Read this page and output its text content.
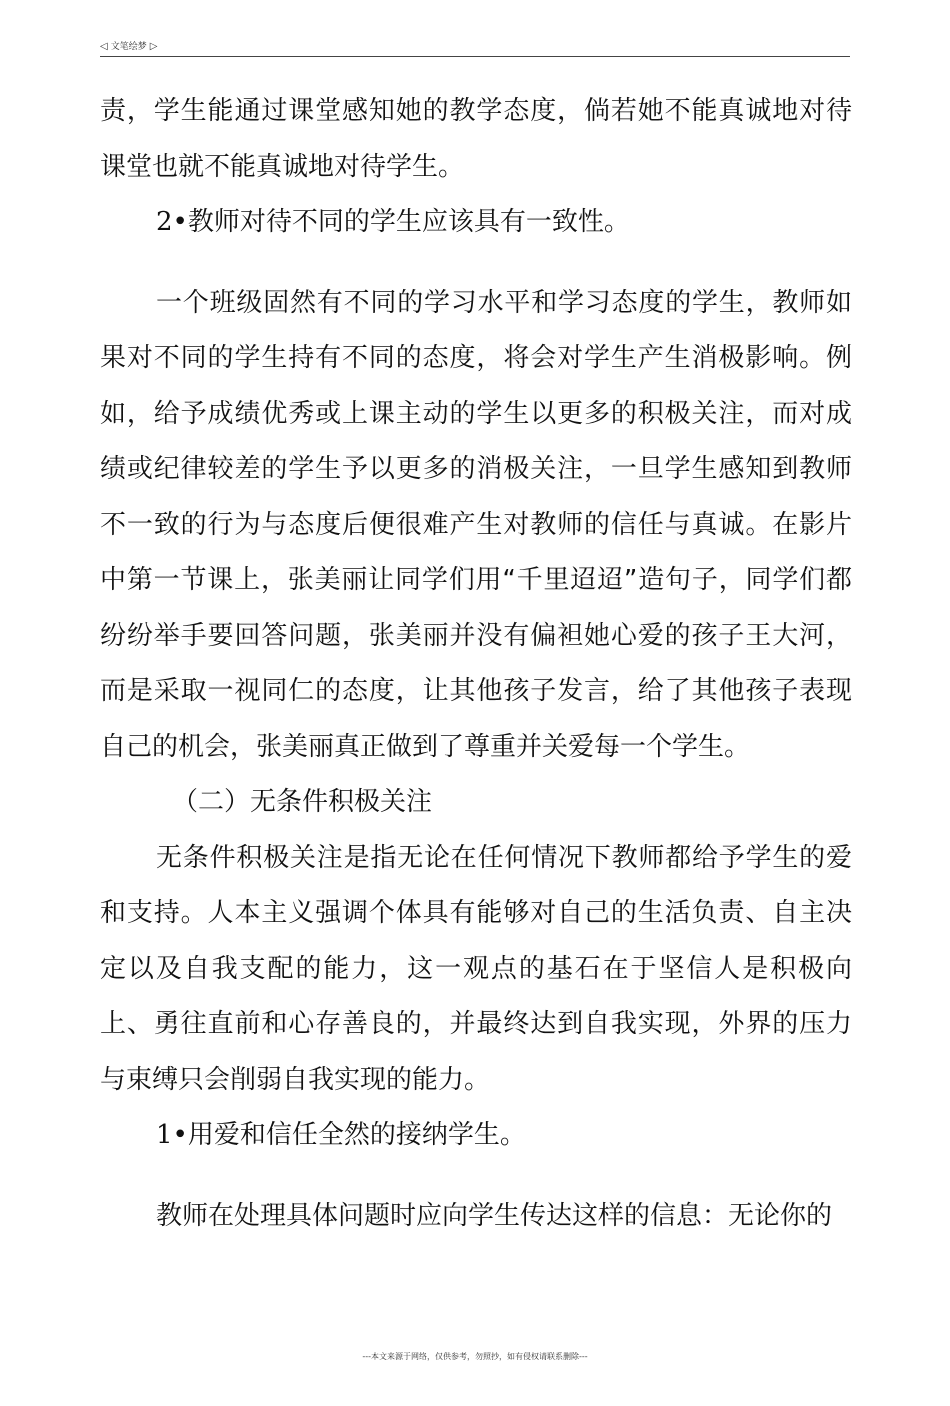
◁ 文笔绘梦 ▷

责，学生能通过课堂感知她的教学态度，倘若她不能真诚地对待课堂也就不能真诚地对待学生。

2•教师对待不同的学生应该具有一致性。

一个班级固然有不同的学习水平和学习态度的学生，教师如果对不同的学生持有不同的态度，将会对学生产生消极影响。例如，给予成绩优秀或上课主动的学生以更多的积极关注，而对成绩或纪律较差的学生予以更多的消极关注，一旦学生感知到教师不一致的行为与态度后便很难产生对教师的信任与真诚。在影片中第一节课上，张美丽让同学们用“千里迢迢”造句子，同学们都纷纷举手要回答问题，张美丽并没有偏袒她心爱的孩子王大河，而是采取一视同仁的态度，让其他孩子发言，给了其他孩子表现自己的机会，张美丽真正做到了尊重并关爱每一个学生。

（二）无条件积极关注

无条件积极关注是指无论在任何情况下教师都给予学生的爱和支持。人本主义强调个体具有能够对自己的生活负责、自主决定以及自我支配的能力，这一观点的基石在于坚信人是积极向上、勇往直前和心存善良的，并最终达到自我实现，外界的压力与束缚只会削弱自我实现的能力。

1•用爱和信任全然的接纳学生。

教师在处理具体问题时应向学生传达这样的信息：无论你的

---本文来源于网络，仅供参考，勿照抄，如有侵权请联系删除---
